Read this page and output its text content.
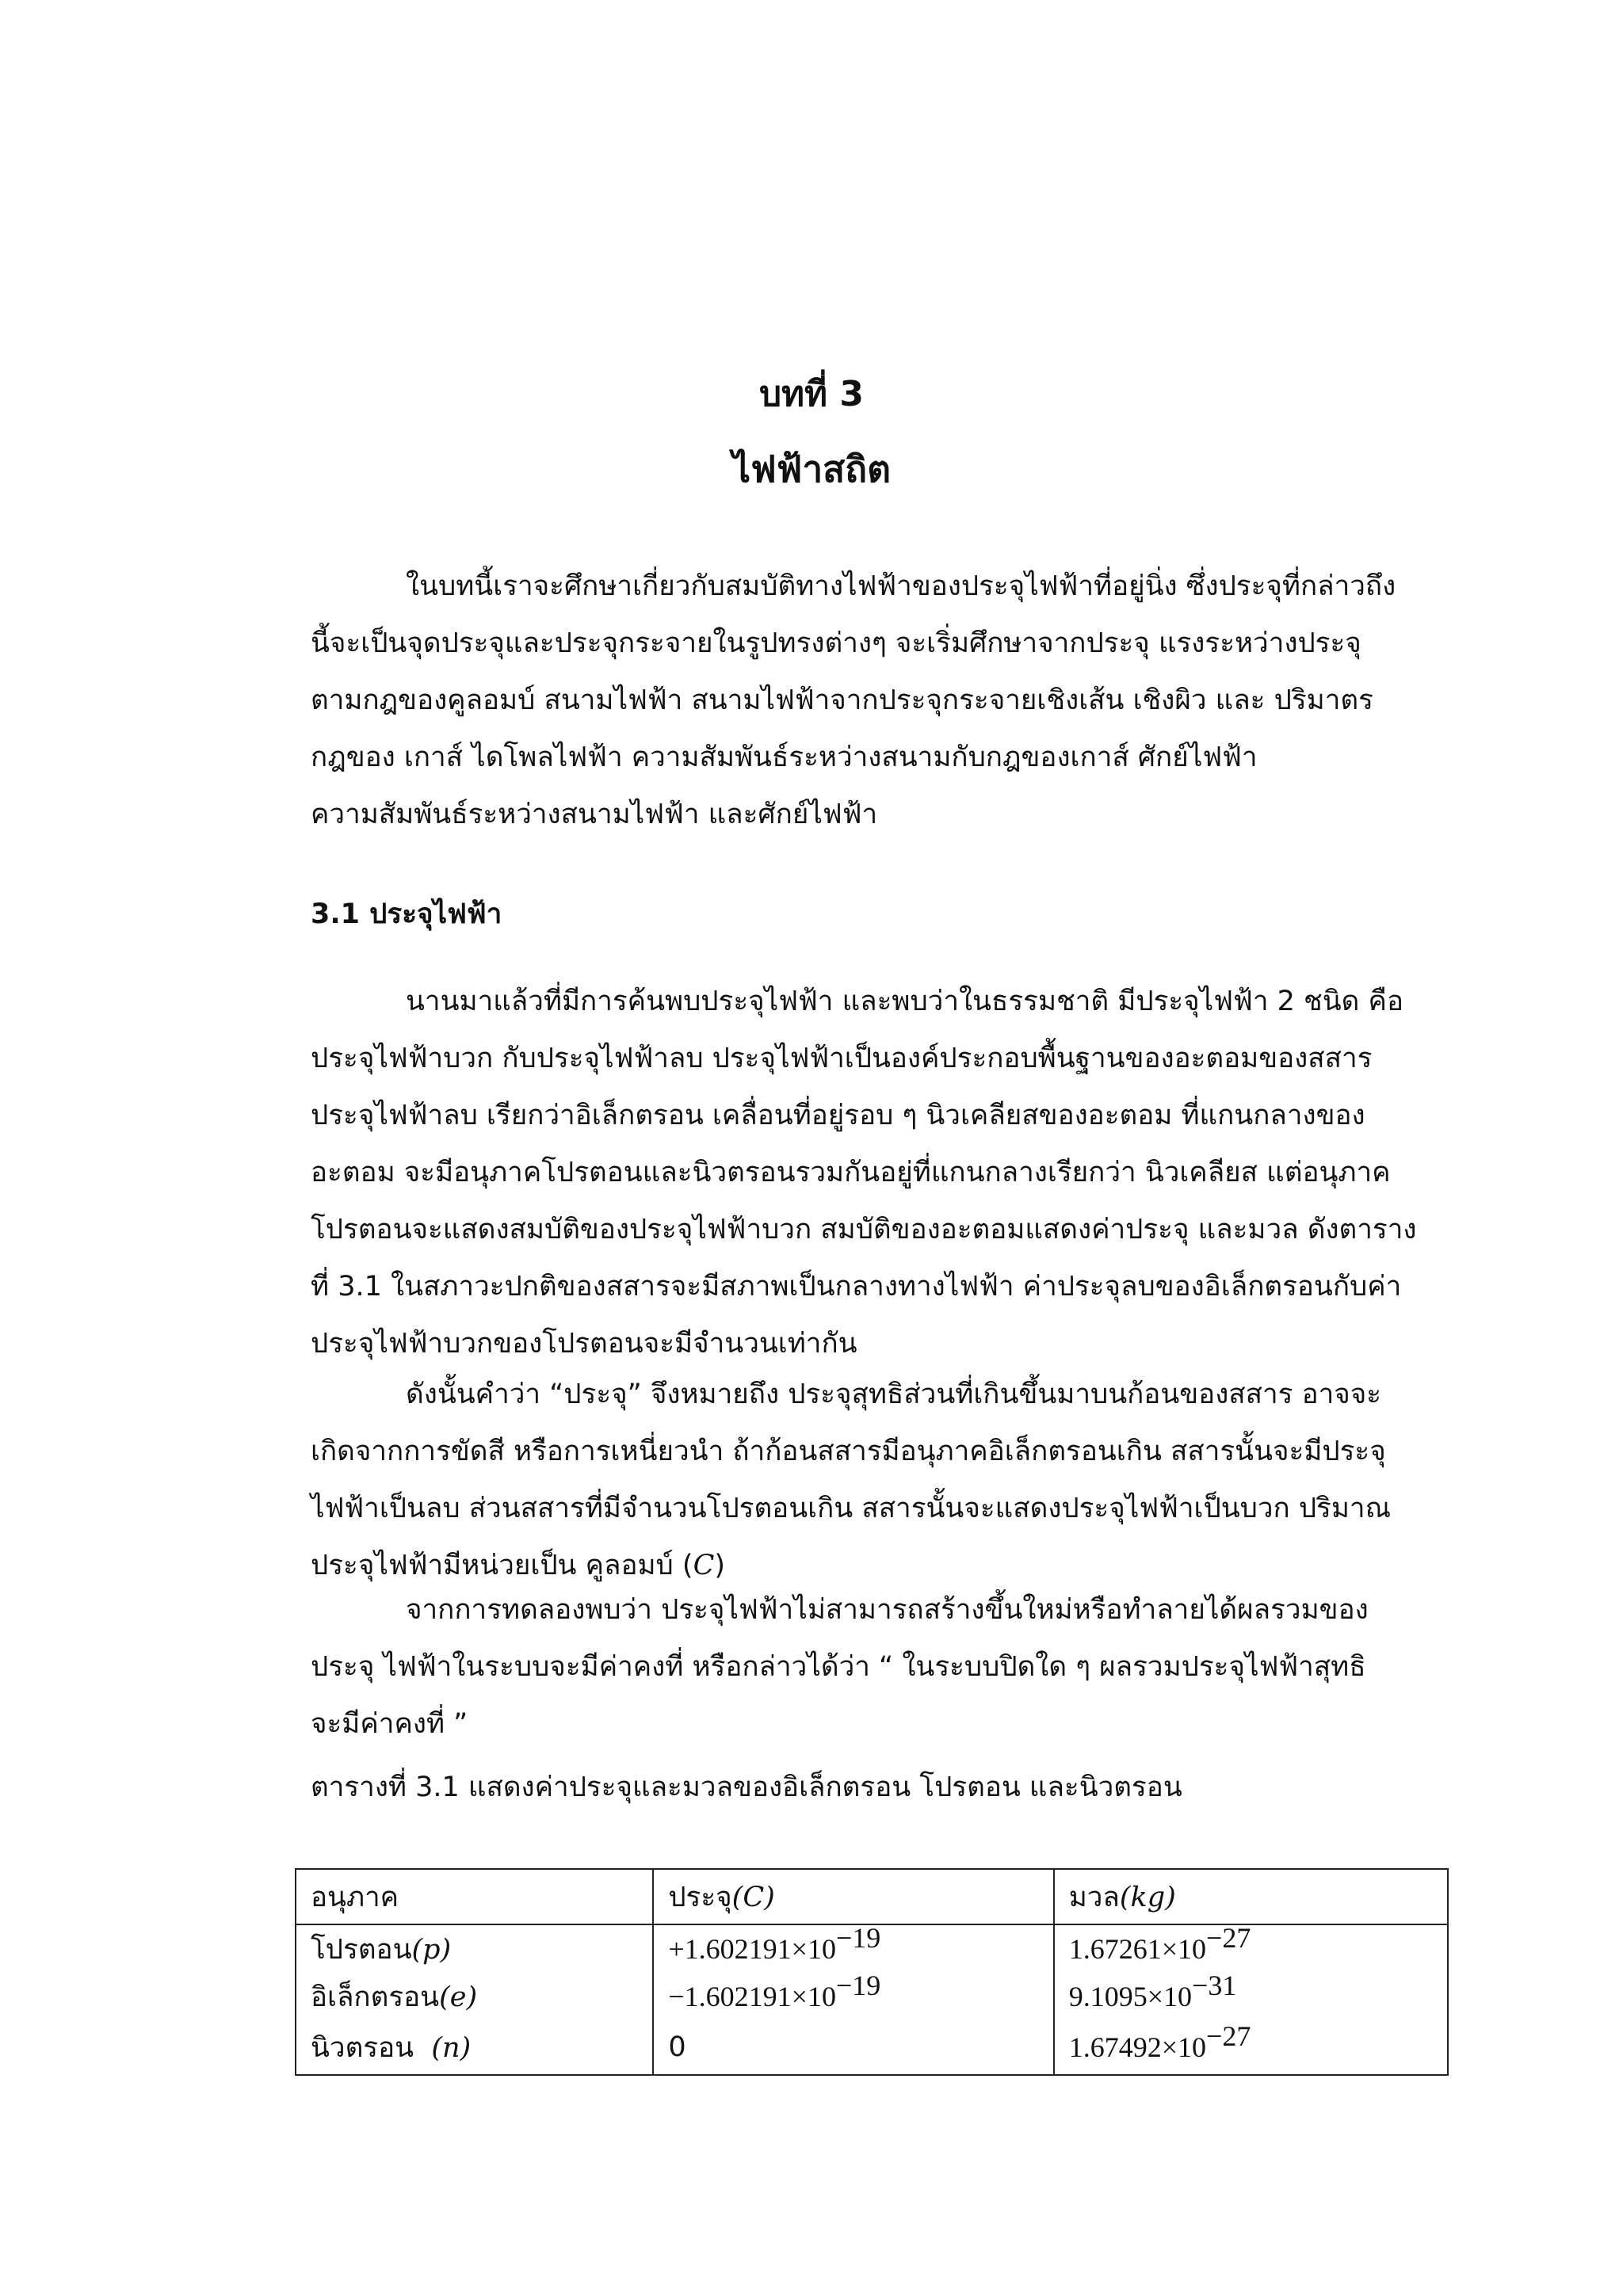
บทที่ 3
ไฟฟ้าสถิต
ในบทนี้เราจะศึกษาเกี่ยวกับสมบัติทางไฟฟ้าของประจุไฟฟ้าที่อยู่นิ่ง ซึ่งประจุที่กล่าวถึง
นี้จะเป็นจุดประจุและประจุกระจายในรูปทรงต่างๆ จะเริ่มศึกษาจากประจุ แรงระหว่างประจุ
ตามกฎของคูลอมบ์ สนามไฟฟ้า สนามไฟฟ้าจากประจุกระจายเชิงเส้น เชิงผิว และ ปริมาตร
กฎของ เกาส์ ไดโพลไฟฟ้า ความสัมพันธ์ระหว่างสนามกับกฎของเกาส์ ศักย์ไฟฟ้า
ความสัมพันธ์ระหว่างสนามไฟฟ้า และศักย์ไฟฟ้า
3.1 ประจุไฟฟ้า
นานมาแล้วที่มีการค้นพบประจุไฟฟ้า และพบว่าในธรรมชาติ มีประจุไฟฟ้า 2 ชนิด คือ
ประจุไฟฟ้าบวก กับประจุไฟฟ้าลบ ประจุไฟฟ้าเป็นองค์ประกอบพื้นฐานของอะตอมของสสาร
ประจุไฟฟ้าลบ เรียกว่าอิเล็กตรอน เคลื่อนที่อยู่รอบ ๆ นิวเคลียสของอะตอม ที่แกนกลางของ
อะตอม จะมีอนุภาคโปรตอนและนิวตรอนรวมกันอยู่ที่แกนกลางเรียกว่า นิวเคลียส แต่อนุภาค
โปรตอนจะแสดงสมบัติของประจุไฟฟ้าบวก สมบัติของอะตอมแสดงค่าประจุ และมวล ดังตาราง
ที่ 3.1 ในสภาวะปกติของสสารจะมีสภาพเป็นกลางทางไฟฟ้า ค่าประจุลบของอิเล็กตรอนกับค่า
ประจุไฟฟ้าบวกของโปรตอนจะมีจำนวนเท่ากัน
ดังนั้นคำว่า “ประจุ” จึงหมายถึง ประจุสุทธิส่วนที่เกินขึ้นมาบนก้อนของสสาร อาจจะ
เกิดจากการขัดสี หรือการเหนี่ยวนำ ถ้าก้อนสสารมีอนุภาคอิเล็กตรอนเกิน สสารนั้นจะมีประจุ
ไฟฟ้าเป็นลบ ส่วนสสารที่มีจำนวนโปรตอนเกิน สสารนั้นจะแสดงประจุไฟฟ้าเป็นบวก ปริมาณ
ประจุไฟฟ้ามีหน่วยเป็น คูลอมบ์ (C)
จากการทดลองพบว่า ประจุไฟฟ้าไม่สามารถสร้างขึ้นใหม่หรือทำลายได้ผลรวมของ
ประจุ ไฟฟ้าในระบบจะมีค่าคงที่ หรือกล่าวได้ว่า “ ในระบบปิดใด ๆ ผลรวมประจุไฟฟ้าสุทธิ
จะมีค่าคงที่ ”
ตารางที่ 3.1 แสดงค่าประจุและมวลของอิเล็กตรอน โปรตอน และนิวตรอน
อนุภาค	ประจุ(C)	มวล(kg)
โปรตอน(p)	$+1.602191\times 10^{-19}$	$1.67261\times 10^{-27}$
อิเล็กตรอน(e)	$-1.602191\times 10^{-19}$	$9.1095\times 10^{-31}$
นิวตรอน  (n)	0	$1.67492\times 10^{-27}$
